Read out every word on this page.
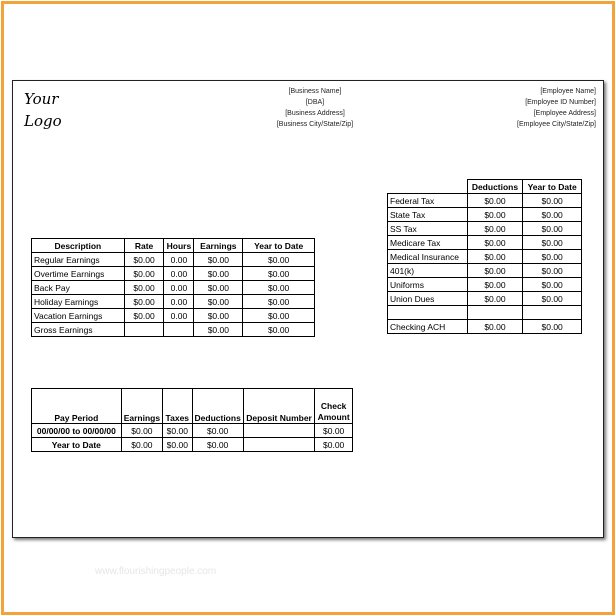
Your
Logo
[Business Name]
[DBA]
[Business Address]
[Business City/State/Zip]
[Employee Name]
[Employee ID Number]
[Employee Address]
[Employee City/State/Zip]
Description	Rate	Hours	Earnings	Year to Date
Regular Earnings	$0.00	0.00	$0.00	$0.00
Overtime Earnings	$0.00	0.00	$0.00	$0.00
Back Pay	$0.00	0.00	$0.00	$0.00
Holiday Earnings	$0.00	0.00	$0.00	$0.00
Vacation Earnings	$0.00	0.00	$0.00	$0.00
Gross Earnings			$0.00	$0.00
	Deductions	Year to Date
Federal Tax	$0.00	$0.00
State Tax	$0.00	$0.00
SS Tax	$0.00	$0.00
Medicare Tax	$0.00	$0.00
Medical Insurance	$0.00	$0.00
401(k)	$0.00	$0.00
Uniforms	$0.00	$0.00
Union Dues	$0.00	$0.00

Checking ACH	$0.00	$0.00
Pay Period	Earnings	Taxes	Deductions	Deposit Number	Check Amount
00/00/00 to 00/00/00	$0.00	$0.00	$0.00		$0.00
Year to Date	$0.00	$0.00	$0.00		$0.00
www.flourishingpeople.com
